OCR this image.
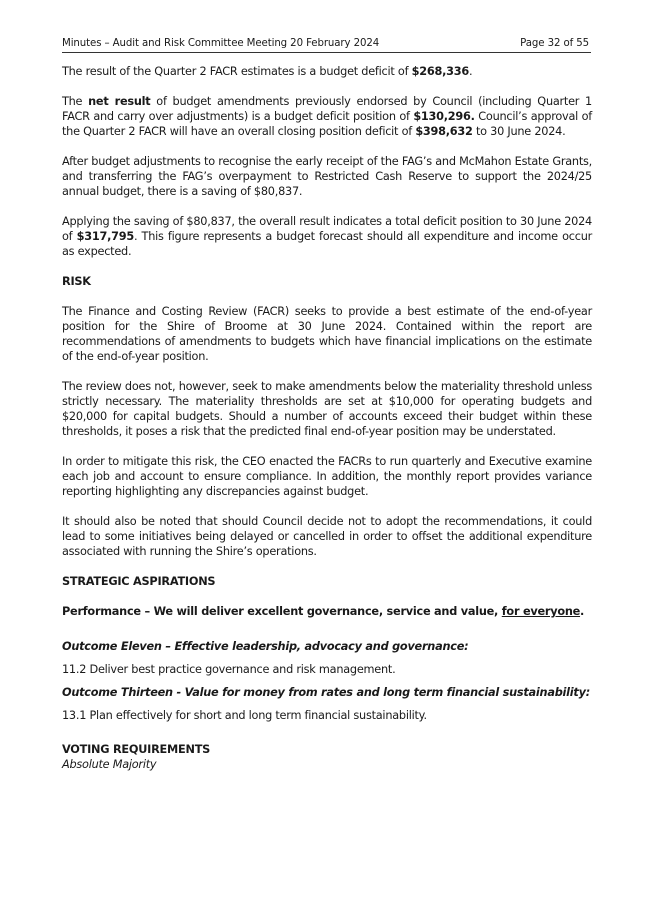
Minutes – Audit and Risk Committee Meeting 20 February 2024	Page 32 of 55

The result of the Quarter 2 FACR estimates is a budget deficit of $268,336.

The net result of budget amendments previously endorsed by Council (including Quarter 1 FACR and carry over adjustments) is a budget deficit position of $130,296. Council’s approval of the Quarter 2 FACR will have an overall closing position deficit of $398,632 to 30 June 2024.

After budget adjustments to recognise the early receipt of the FAG’s and McMahon Estate Grants, and transferring the FAG’s overpayment to Restricted Cash Reserve to support the 2024/25 annual budget, there is a saving of $80,837.

Applying the saving of $80,837, the overall result indicates a total deficit position to 30 June 2024 of $317,795. This figure represents a budget forecast should all expenditure and income occur as expected.

RISK

The Finance and Costing Review (FACR) seeks to provide a best estimate of the end-of-year position for the Shire of Broome at 30 June 2024. Contained within the report are recommendations of amendments to budgets which have financial implications on the estimate of the end-of-year position.

The review does not, however, seek to make amendments below the materiality threshold unless strictly necessary. The materiality thresholds are set at $10,000 for operating budgets and $20,000 for capital budgets. Should a number of accounts exceed their budget within these thresholds, it poses a risk that the predicted final end-of-year position may be understated.

In order to mitigate this risk, the CEO enacted the FACRs to run quarterly and Executive examine each job and account to ensure compliance. In addition, the monthly report provides variance reporting highlighting any discrepancies against budget.

It should also be noted that should Council decide not to adopt the recommendations, it could lead to some initiatives being delayed or cancelled in order to offset the additional expenditure associated with running the Shire’s operations.

STRATEGIC ASPIRATIONS

Performance – We will deliver excellent governance, service and value, for everyone.

Outcome Eleven – Effective leadership, advocacy and governance:

11.2 Deliver best practice governance and risk management.

Outcome Thirteen - Value for money from rates and long term financial sustainability:

13.1 Plan effectively for short and long term financial sustainability.

VOTING REQUIREMENTS

Absolute Majority
